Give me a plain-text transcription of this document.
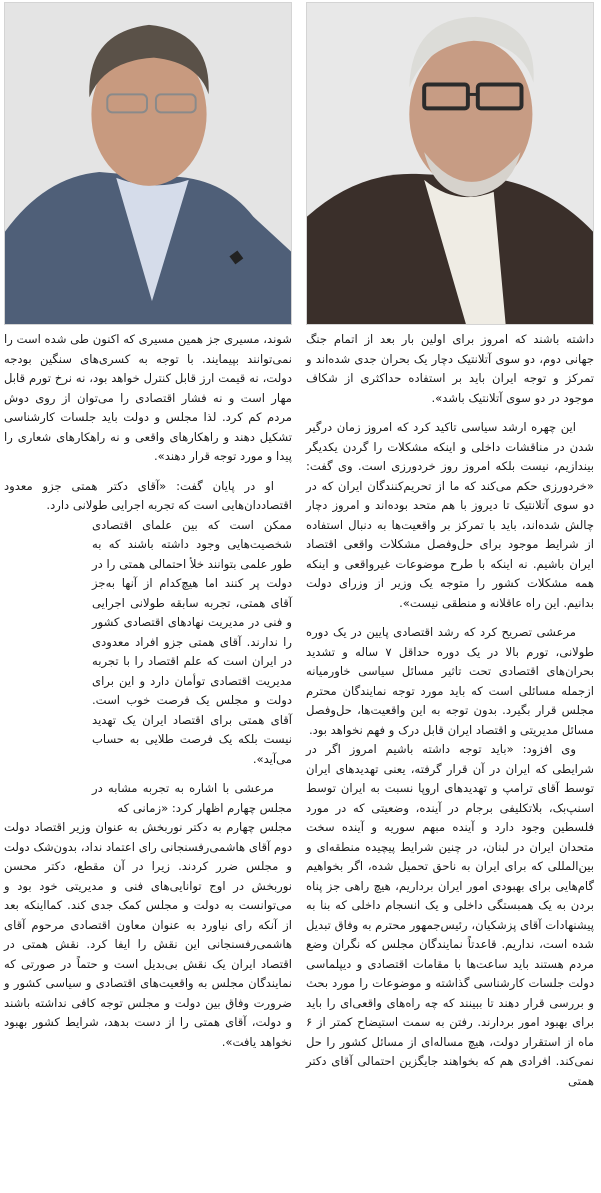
داشته باشند که امروز برای اولین بار بعد از اتمام جنگ جهانی دوم، دو سوی آتلانتیک دچار یک بحران جدی شده‌اند و تمرکز و توجه ایران باید بر استفاده حداکثری از شکاف موجود در دو سوی آتلانتیک باشد».

این چهره ارشد سیاسی تاکید کرد که امروز زمان درگیر شدن در مناقشات داخلی و اینکه مشکلات را گردن یکدیگر بیندازیم، نیست بلکه امروز روز خردورزی است. وی گفت: «خردورزی حکم می‌کند که ما از تحریم‌کنندگان ایران که در دو سوی آتلانتیک تا دیروز با هم متحد بوده‌اند و امروز دچار چالش شده‌اند، باید با تمرکز بر واقعیت‌ها به دنبال استفاده از شرایط موجود برای حل‌وفصل مشکلات واقعی اقتصاد ایران باشیم. نه اینکه با طرح موضوعات غیرواقعی و اینکه همه مشکلات کشور را متوجه یک وزیر از وزرای دولت بدانیم. این راه عاقلانه و منطقی نیست».

مرعشی تصریح کرد که رشد اقتصادی پایین در یک دوره طولانی، تورم بالا در یک دوره حداقل ۷ ساله و تشدید بحران‌های اقتصادی تحت تاثیر مسائل سیاسی خاورمیانه ازجمله مسائلی است که باید مورد توجه نمایندگان محترم مجلس قرار بگیرد. بدون توجه به این واقعیت‌ها، حل‌وفصل مسائل مدیریتی و اقتصاد ایران قابل درک و فهم نخواهد بود.

وی افزود: «باید توجه داشته باشیم امروز اگر در شرایطی که ایران در آن قرار گرفته، یعنی تهدیدهای ایران توسط آقای ترامپ و تهدیدهای اروپا نسبت به ایران توسط اسنپ‌بک، بلاتکلیفی برجام در آینده، وضعیتی که در مورد فلسطین وجود دارد و آینده مبهم سوریه و آینده سخت متحدان ایران در لبنان، در چنین شرایط پیچیده منطقه‌ای و بین‌المللی که برای ایران به ناحق تحمیل شده، اگر بخواهیم گام‌هایی برای بهبودی امور ایران برداریم، هیچ راهی جز پناه بردن به یک همبستگی داخلی و یک انسجام داخلی که بنا به پیشنهادات آقای پزشکیان، رئیس‌جمهور محترم به وفاق تبدیل شده است، نداریم. قاعدتاً نمایندگان مجلس که نگران وضع مردم هستند باید ساعت‌ها با مقامات اقتصادی و دیپلماسی دولت جلسات کارشناسی گذاشته و موضوعات را مورد بحث و بررسی قرار دهند تا ببینند که چه راه‌های واقعی‌ای را باید برای بهبود امور بردارند. رفتن به سمت استیضاح کمتر از ۶ ماه از استقرار دولت، هیچ مساله‌ای از مسائل کشور را حل نمی‌کند. افرادی هم که بخواهند جایگزین احتمالی آقای دکتر همتی

شوند، مسیری جز همین مسیری که اکنون طی شده است را نمی‌توانند بپیمایند. با توجه به کسری‌های سنگین بودجه دولت، نه قیمت ارز قابل کنترل خواهد بود، نه نرخ تورم قابل مهار است و نه فشار اقتصادی را می‌توان از روی دوش مردم کم کرد. لذا مجلس و دولت باید جلسات کارشناسی تشکیل دهند و راهکارهای واقعی و نه راهکارهای شعاری را پیدا و مورد توجه قرار دهند».

او در پایان گفت: «آقای دکتر همتی جزو معدود اقتصاددان‌هایی است که تجربه اجرایی طولانی دارد.

ممکن است که بین علمای اقتصادی شخصیت‌هایی وجود داشته باشند که به طور علمی بتوانند خلأ احتمالی همتی را در دولت پر کنند اما هیچ‌کدام از آنها به‌جز آقای همتی، تجربه سابقه طولانی اجرایی و فنی در مدیریت نهادهای اقتصادی کشور را ندارند. آقای همتی جزو افراد معدودی در ایران است که علم اقتصاد را با تجربه مدیریت اقتصادی توأمان دارد و این برای دولت و مجلس یک فرصت خوب است. آقای همتی برای اقتصاد ایران یک تهدید نیست بلکه یک فرصت طلایی به حساب می‌آید».

مرعشی با اشاره به تجربه مشابه در مجلس چهارم اظهار کرد: «زمانی که

مجلس چهارم به دکتر نوربخش به عنوان وزیر اقتصاد دولت دوم آقای هاشمی‌رفسنجانی رای اعتماد نداد، بدون‌شک دولت و مجلس ضرر کردند. زیرا در آن مقطع، دکتر محسن نوربخش در اوج توانایی‌های فنی و مدیریتی خود بود و می‌توانست به دولت و مجلس کمک جدی کند. کمااینکه بعد از آنکه رای نیاورد به عنوان معاون اقتصادی مرحوم آقای هاشمی‌رفسنجانی این نقش را ایفا کرد. نقش همتی در اقتصاد ایران یک نقش بی‌بدیل است و حتماً در صورتی که نمایندگان مجلس به واقعیت‌های اقتصادی و سیاسی کشور و ضرورت وفاق بین دولت و مجلس توجه کافی نداشته باشند و دولت، آقای همتی را از دست بدهد، شرایط کشور بهبود نخواهد یافت».
